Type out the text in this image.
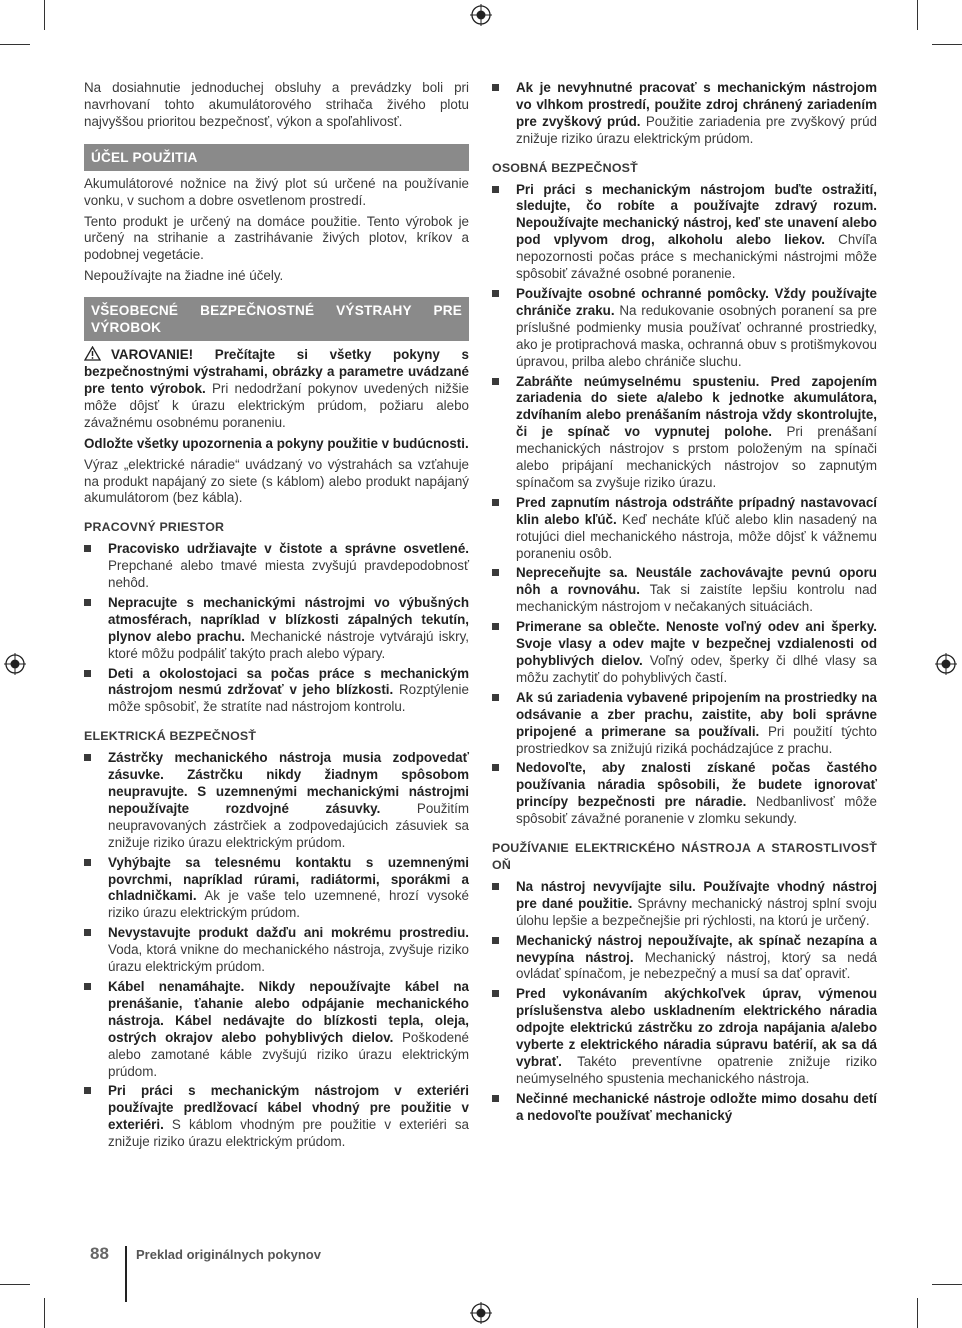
Na dosiahnutie jednoduchej obsluhy a prevádzky boli pri navrhovaní tohto akumulátorového strihača živého plotu najvyššou prioritou bezpečnosť, výkon a spoľahlivosť.

ÚČEL POUŽITIA

Akumulátorové nožnice na živý plot sú určené na používanie vonku, v suchom a dobre osvetlenom prostredí.

Tento produkt je určený na domáce použitie. Tento výrobok je určený na strihanie a zastrihávanie živých plotov, kríkov a podobnej vegetácie.

Nepoužívajte na žiadne iné účely.

VŠEOBECNÉ BEZPEČNOSTNÉ VÝSTRAHY PRE VÝROBOK

VAROVANIE! Prečítajte si všetky pokyny s bezpečnostnými výstrahami, obrázky a parametre uvádzané pre tento výrobok. Pri nedodržaní pokynov uvedených nižšie môže dôjsť k úrazu elektrickým prúdom, požiaru alebo závažnému osobnému poraneniu.

Odložte všetky upozornenia a pokyny použitie v budúcnosti.

Výraz „elektrické náradie“ uvádzaný vo výstrahách sa vzťahuje na produkt napájaný zo siete (s káblom) alebo produkt napájaný akumulátorom (bez kábla).

PRACOVNÝ PRIESTOR
Pracovisko udržiavajte v čistote a správne osvetlené. Prepchané alebo tmavé miesta zvyšujú pravdepodobnosť nehôd.
Nepracujte s mechanickými nástrojmi vo výbušných atmosférach, napríklad v blízkosti zápalných tekutín, plynov alebo prachu. Mechanické nástroje vytvárajú iskry, ktoré môžu podpáliť takýto prach alebo výpary.
Deti a okolostojaci sa počas práce s mechanickým nástrojom nesmú zdržovať v jeho blízkosti. Rozptýlenie môže spôsobiť, že stratíte nad nástrojom kontrolu.
ELEKTRICKÁ BEZPEČNOSŤ
Zástrčky mechanického nástroja musia zodpovedať zásuvke. Zástrčku nikdy žiadnym spôsobom neupravujte. S uzemnenými mechanickými nástrojmi nepoužívajte rozdvojné zásuvky. Použitím neupravovaných zástrčiek a zodpovedajúcich zásuviek sa znižuje riziko úrazu elektrickým prúdom.
Vyhýbajte sa telesnému kontaktu s uzemnenými povrchmi, napríklad rúrami, radiátormi, sporákmi a chladničkami. Ak je vaše telo uzemnené, hrozí vysoké riziko úrazu elektrickým prúdom.
Nevystavujte produkt dažďu ani mokrému prostrediu. Voda, ktorá vnikne do mechanického nástroja, zvyšuje riziko úrazu elektrickým prúdom.
Kábel nenamáhajte. Nikdy nepoužívajte kábel na prenášanie, ťahanie alebo odpájanie mechanického nástroja. Kábel nedávajte do blízkosti tepla, oleja, ostrých okrajov alebo pohyblivých dielov. Poškodené alebo zamotané káble zvyšujú riziko úrazu elektrickým prúdom.
Pri práci s mechanickým nástrojom v exteriéri používajte predlžovací kábel vhodný pre použitie v exteriéri. S káblom vhodným pre použitie v exteriéri sa znižuje riziko úrazu elektrickým prúdom.
Ak je nevyhnutné pracovať s mechanickým nástrojom vo vlhkom prostredí, použite zdroj chránený zariadením pre zvyškový prúd. Použitie zariadenia pre zvyškový prúd znižuje riziko úrazu elektrickým prúdom.
OSOBNÁ BEZPEČNOSŤ
Pri práci s mechanickým nástrojom buďte ostražití, sledujte, čo robíte a používajte zdravý rozum. Nepoužívajte mechanický nástroj, keď ste unavení alebo pod vplyvom drog, alkoholu alebo liekov. Chvíľa nepozornosti počas práce s mechanickými nástrojmi môže spôsobiť závažné osobné poranenie.
Používajte osobné ochranné pomôcky. Vždy používajte chrániče zraku. Na redukovanie osobných poranení sa pre príslušné podmienky musia používať ochranné prostriedky, ako je protiprachová maska, ochranná obuv s protišmykovou úpravou, prilba alebo chrániče sluchu.
Zabráňte neúmyselnému spusteniu. Pred zapojením zariadenia do siete a/alebo k jednotke akumulátora, zdvíhaním alebo prenášaním nástroja vždy skontrolujte, či je spínač vo vypnutej polohe. Pri prenášaní mechanických nástrojov s prstom položeným na spínači alebo pripájaní mechanických nástrojov so zapnutým spínačom sa zvyšuje riziko úrazu.
Pred zapnutím nástroja odstráňte prípadný nastavovací klin alebo kľúč. Keď necháte kľúč alebo klin nasadený na rotujúci diel mechanického nástroja, môže dôjsť k vážnemu poraneniu osôb.
Nepreceňujte sa. Neustále zachovávajte pevnú oporu nôh a rovnováhu. Tak si zaistíte lepšiu kontrolu nad mechanickým nástrojom v nečakaných situáciách.
Primerane sa oblečte. Nenoste voľný odev ani šperky. Svoje vlasy a odev majte v bezpečnej vzdialenosti od pohyblivých dielov. Voľný odev, šperky či dlhé vlasy sa môžu zachytiť do pohyblivých častí.
Ak sú zariadenia vybavené pripojením na prostriedky na odsávanie a zber prachu, zaistite, aby boli správne pripojené a primerane sa používali. Pri použití týchto prostriedkov sa znižujú riziká pochádzajúce z prachu.
Nedovoľte, aby znalosti získané počas častého používania náradia spôsobili, že budete ignorovať princípy bezpečnosti pre náradie. Nedbanlivosť môže spôsobiť závažné poranenie v zlomku sekundy.
POUŽÍVANIE ELEKTRICKÉHO NÁSTROJA A STAROSTLIVOSŤ OŇ
Na nástroj nevyvíjajte silu. Používajte vhodný nástroj pre dané použitie. Správny mechanický nástroj splní svoju úlohu lepšie a bezpečnejšie pri rýchlosti, na ktorú je určený.
Mechanický nástroj nepoužívajte, ak spínač nezapína a nevypína nástroj. Mechanický nástroj, ktorý sa nedá ovládať spínačom, je nebezpečný a musí sa dať opraviť.
Pred vykonávaním akýchkoľvek úprav, výmenou príslušenstva alebo uskladnením elektrického náradia odpojte elektrickú zástrčku zo zdroja napájania a/alebo vyberte z elektrického náradia súpravu batérií, ak sa dá vybrať. Takéto preventívne opatrenie znižuje riziko neúmyselného spustenia mechanického nástroja.
Nečinné mechanické nástroje odložte mimo dosahu detí a nedovoľte používať mechanický
88 Preklad originálnych pokynov
